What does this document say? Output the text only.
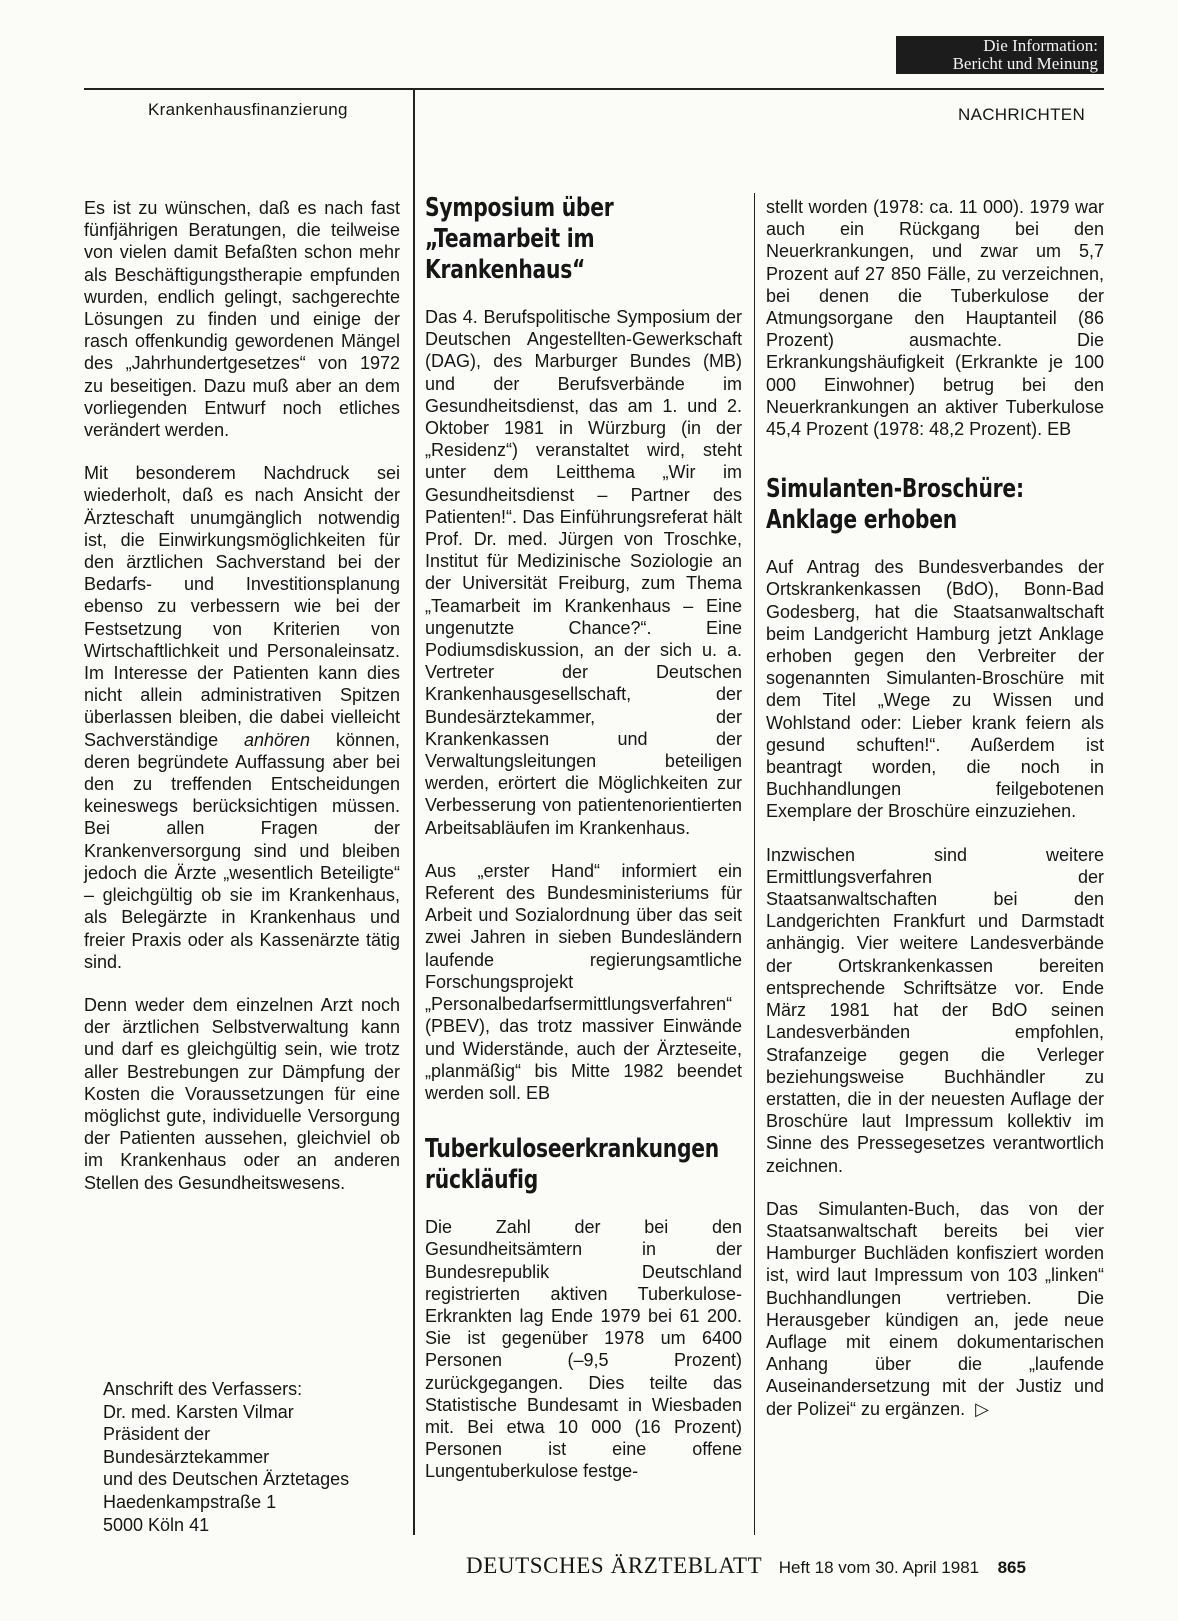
Die Information:
Bericht und Meinung
Krankenhausfinanzierung	NACHRICHTEN

Es ist zu wünschen, daß es nach fast fünfjährigen Beratungen, die teilweise von vielen damit Befaßten schon mehr als Beschäftigungstherapie empfunden wurden, endlich gelingt, sachgerechte Lösungen zu finden und einige der rasch offenkundig gewordenen Mängel des „Jahrhundertgesetzes“ von 1972 zu beseitigen. Dazu muß aber an dem vorliegenden Entwurf noch etliches verändert werden.

Mit besonderem Nachdruck sei wiederholt, daß es nach Ansicht der Ärzteschaft unumgänglich notwendig ist, die Einwirkungsmöglichkeiten für den ärztlichen Sachverstand bei der Bedarfs- und Investitionsplanung ebenso zu verbessern wie bei der Festsetzung von Kriterien von Wirtschaftlichkeit und Personaleinsatz. Im Interesse der Patienten kann dies nicht allein administrativen Spitzen überlassen bleiben, die dabei vielleicht Sachverständige anhören können, deren begründete Auffassung aber bei den zu treffenden Entscheidungen keineswegs berücksichtigen müssen. Bei allen Fragen der Krankenversorgung sind und bleiben jedoch die Ärzte „wesentlich Beteiligte“ – gleichgültig ob sie im Krankenhaus, als Belegärzte in Krankenhaus und freier Praxis oder als Kassenärzte tätig sind.

Denn weder dem einzelnen Arzt noch der ärztlichen Selbstverwaltung kann und darf es gleichgültig sein, wie trotz aller Bestrebungen zur Dämpfung der Kosten die Voraussetzungen für eine möglichst gute, individuelle Versorgung der Patienten aussehen, gleichviel ob im Krankenhaus oder an anderen Stellen des Gesundheitswesens.

Anschrift des Verfassers:
Dr. med. Karsten Vilmar
Präsident der
Bundesärztekammer
und des Deutschen Ärztetages
Haedenkampstraße 1
5000 Köln 41
Symposium über „Teamarbeit im Krankenhaus“

Das 4. Berufspolitische Symposium der Deutschen Angestellten-Gewerkschaft (DAG), des Marburger Bundes (MB) und der Berufsverbände im Gesundheitsdienst, das am 1. und 2. Oktober 1981 in Würzburg (in der „Residenz“) veranstaltet wird, steht unter dem Leitthema „Wir im Gesundheitsdienst – Partner des Patienten!“. Das Einführungsreferat hält Prof. Dr. med. Jürgen von Troschke, Institut für Medizinische Soziologie an der Universität Freiburg, zum Thema „Teamarbeit im Krankenhaus – Eine ungenutzte Chance?“. Eine Podiumsdiskussion, an der sich u. a. Vertreter der Deutschen Krankenhausgesellschaft, der Bundesärztekammer, der Krankenkassen und der Verwaltungsleitungen beteiligen werden, erörtert die Möglichkeiten zur Verbesserung von patientenorientierten Arbeitsabläufen im Krankenhaus.

Aus „erster Hand“ informiert ein Referent des Bundesministeriums für Arbeit und Sozialordnung über das seit zwei Jahren in sieben Bundesländern laufende regierungsamtliche Forschungsprojekt „Personalbedarfsermittlungsverfahren“ (PBEV), das trotz massiver Einwände und Widerstände, auch der Ärzteseite, „planmäßig“ bis Mitte 1982 beendet werden soll. EB

Tuberkuloseerkrankungen rückläufig

Die Zahl der bei den Gesundheitsämtern in der Bundesrepublik Deutschland registrierten aktiven Tuberkulose-Erkrankten lag Ende 1979 bei 61 200. Sie ist gegenüber 1978 um 6400 Personen (–9,5 Prozent) zurückgegangen. Dies teilte das Statistische Bundesamt in Wiesbaden mit. Bei etwa 10 000 (16 Prozent) Personen ist eine offene Lungentuberkulose festge-

stellt worden (1978: ca. 11 000). 1979 war auch ein Rückgang bei den Neuerkrankungen, und zwar um 5,7 Prozent auf 27 850 Fälle, zu verzeichnen, bei denen die Tuberkulose der Atmungsorgane den Hauptanteil (86 Prozent) ausmachte. Die Erkrankungshäufigkeit (Erkrankte je 100 000 Einwohner) betrug bei den Neuerkrankungen an aktiver Tuberkulose 45,4 Prozent (1978: 48,2 Prozent). EB

Simulanten-Broschüre: Anklage erhoben

Auf Antrag des Bundesverbandes der Ortskrankenkassen (BdO), Bonn-Bad Godesberg, hat die Staatsanwaltschaft beim Landgericht Hamburg jetzt Anklage erhoben gegen den Verbreiter der sogenannten Simulanten-Broschüre mit dem Titel „Wege zu Wissen und Wohlstand oder: Lieber krank feiern als gesund schuften!“. Außerdem ist beantragt worden, die noch in Buchhandlungen feilgebotenen Exemplare der Broschüre einzuziehen.

Inzwischen sind weitere Ermittlungsverfahren der Staatsanwaltschaften bei den Landgerichten Frankfurt und Darmstadt anhängig. Vier weitere Landesverbände der Ortskrankenkassen bereiten entsprechende Schriftsätze vor. Ende März 1981 hat der BdO seinen Landesverbänden empfohlen, Strafanzeige gegen die Verleger beziehungsweise Buchhändler zu erstatten, die in der neuesten Auflage der Broschüre laut Impressum kollektiv im Sinne des Pressegesetzes verantwortlich zeichnen.

Das Simulanten-Buch, das von der Staatsanwaltschaft bereits bei vier Hamburger Buchläden konfisziert worden ist, wird laut Impressum von 103 „linken“ Buchhandlungen vertrieben. Die Herausgeber kündigen an, jede neue Auflage mit einem dokumentarischen Anhang über die „laufende Auseinandersetzung mit der Justiz und der Polizei“ zu ergänzen. ▷

DEUTSCHES ÄRZTEBLATT Heft 18 vom 30. April 1981 865
